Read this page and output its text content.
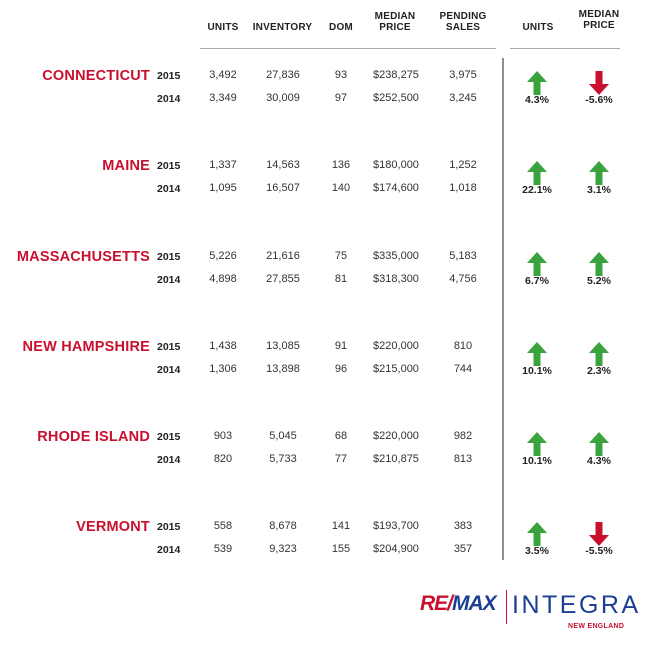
UNITS	INVENTORY	DOM
MEDIAN
PRICE
PENDING
SALES	UNITS
MEDIAN
PRICE
CONNECTICUT 2015	3,492	27,836	93	$238,275	3,975
2014	3,349	30,009	97	$252,500	3,245	4.3%	-5.6%
MAINE 2015	1,337	14,563	136	$180,000	1,252
2014	1,095	16,507	140	$174,600	1,018	22.1%	3.1%
MASSACHUSETTS 2015	5,226	21,616	75	$335,000	5,183
2014	4,898	27,855	81	$318,300	4,756	6.7%	5.2%
NEW HAMPSHIRE 2015	1,438	13,085	91	$220,000	810
2014	1,306	13,898	96	$215,000	744	10.1%	2.3%
RHODE ISLAND 2015	903	5,045	68	$220,000	982
2014	820	5,733	77	$210,875	813	10.1%	4.3%
VERMONT 2015	558	8,678	141	$193,700	383
2014	539	9,323	155	$204,900	357	3.5%	-5.5%
RE/MAX INTEGRA
NEW ENGLAND
